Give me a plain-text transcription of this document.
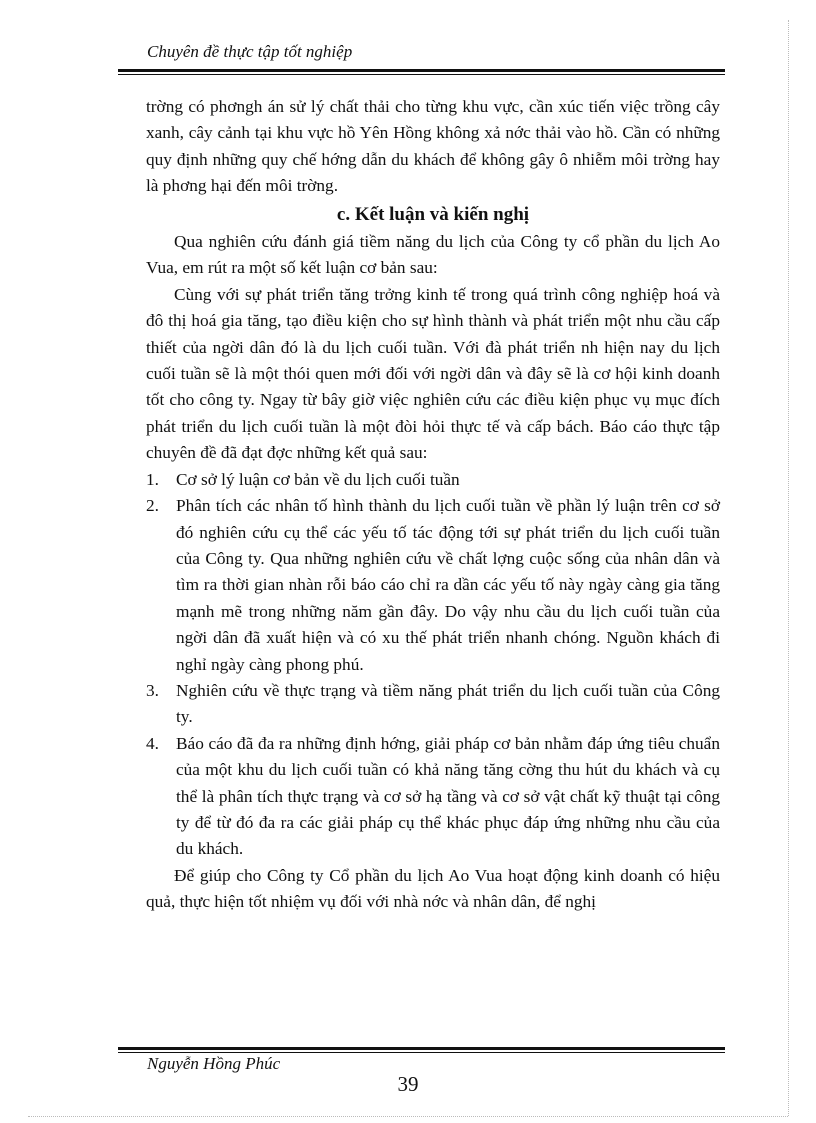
Chuyên đề thực tập tốt nghiệp

trờng có phơngh án sử lý chất thải cho từng khu vực, cần xúc tiến việc trồng cây xanh, cây cảnh tại khu vực hồ Yên Hồng không xả nớc thải vào hồ. Cần có những quy định những quy chế hớng dẫn du khách để không gây ô nhiễm môi trờng hay là phơng hại đến môi trờng.

c. Kết luận và kiến nghị

Qua nghiên cứu đánh giá tiềm năng du lịch của Công ty cổ phần du lịch Ao Vua, em rút ra một số kết luận cơ bản sau:

Cùng với sự phát triển tăng trởng kinh tế trong quá trình công nghiệp hoá và đô thị hoá gia tăng, tạo điều kiện cho sự hình thành và phát triển một nhu cầu cấp thiết của ngời dân đó là du lịch cuối tuần. Với đà phát triển nh hiện nay du lịch cuối tuần sẽ là một thói quen mới đối với ngời dân và đây sẽ là cơ hội kinh doanh tốt cho công ty. Ngay từ bây giờ việc nghiên cứu các điều kiện phục vụ mục đích phát triển du lịch cuối tuần là một đòi hỏi thực tế và cấp bách. Báo cáo thực tập chuyên đề đã đạt đợc những kết quả sau:

1. Cơ sở lý luận cơ bản về du lịch cuối tuần
2. Phân tích các nhân tố hình thành du lịch cuối tuần về phần lý luận trên cơ sở đó nghiên cứu cụ thể các yếu tố tác động tới sự phát triển du lịch cuối tuần của Công ty. Qua những nghiên cứu về chất lợng cuộc sống của nhân dân và tìm ra thời gian nhàn rỗi báo cáo chỉ ra dần các yếu tố này ngày càng gia tăng mạnh mẽ trong những năm gần đây. Do vậy nhu cầu du lịch cuối tuần của ngời dân đã xuất hiện và có xu thế phát triển nhanh chóng. Nguồn khách đi nghỉ ngày càng phong phú.
3. Nghiên cứu về thực trạng và tiềm năng phát triển du lịch cuối tuần của Công ty.
4. Báo cáo đã đa ra những định hớng, giải pháp cơ bản nhằm đáp ứng tiêu chuẩn của một khu du lịch cuối tuần có khả năng tăng cờng thu hút du khách và cụ thể là phân tích thực trạng và cơ sở hạ tầng và cơ sở vật chất kỹ thuật tại công ty để từ đó đa ra các giải pháp cụ thể khác phục đáp ứng những nhu cầu của du khách.

Để giúp cho Công ty Cổ phần du lịch Ao Vua hoạt động kinh doanh có hiệu quả, thực hiện tốt nhiệm vụ đối với nhà nớc và nhân dân, để nghị

Nguyễn Hồng Phúc
39
